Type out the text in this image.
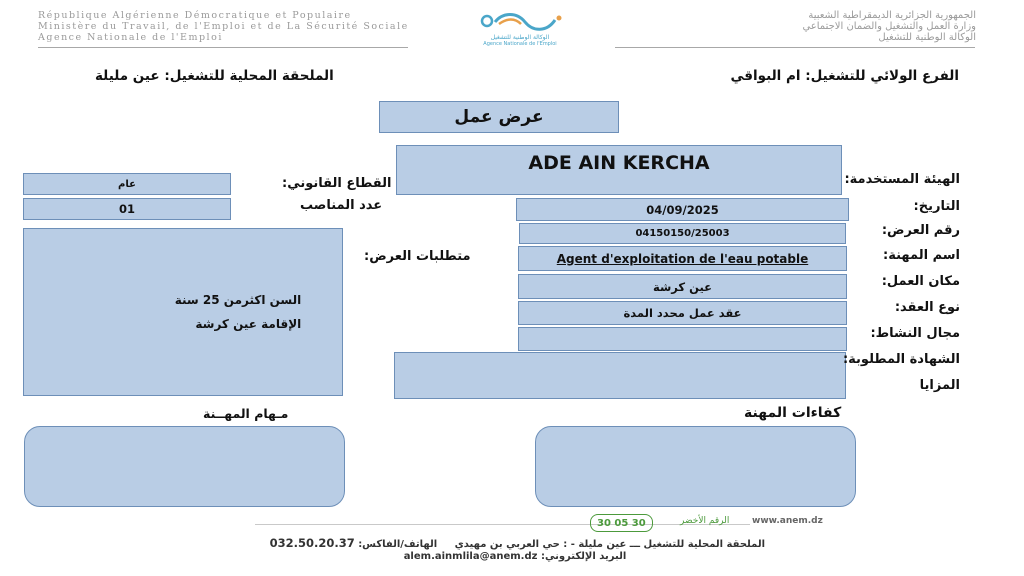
République Algérienne Démocratique et Populaire
Ministère du Travail, de l'Emploi et de La Sécurité Sociale
Agence Nationale de l'Emploi	الوكالة الوطنية للتشغيل
Agence Nationale de l'Emploi
الجمهورية الجزائرية الديمقراطية الشعبية
وزارة العمل والتشغيل والضمان الاجتماعي
الوكالة الوطنية للتشغيل
الفرع الولائي للتشغيل: ام البواقي
الملحقة المحلية للتشغيل: عين مليلة
عرض عمل
ADE AIN KERCHA
الهيئة المستخدمة:
عام	القطاع القانوني:
01	عدد المناصب
السن اكثرمن 25 سنة
الإقامة عين كرشة
متطلبات العرض:
04/09/2025	التاريخ:
04150150/25003	رقم العرض:
Agent d'exploitation de l'eau potable	اسم المهنة:
عين كرشة	مكان العمل:
عقد عمل محدد المدة	نوع العقد:
مجال النشاط:
الشهادة المطلوبة:
المزايا
مـهام المهــنة	كفاءات المهنة
30 05 30	الرقم الأخضر	www.anem.dz
الملحقة المحلية للتشغيل ـــ عين مليلة - : حي العربي بن مهيدي     الهاتف/الفاكس: 032.50.20.37
البريد الإلكتروني: alem.ainmlila@anem.dz
